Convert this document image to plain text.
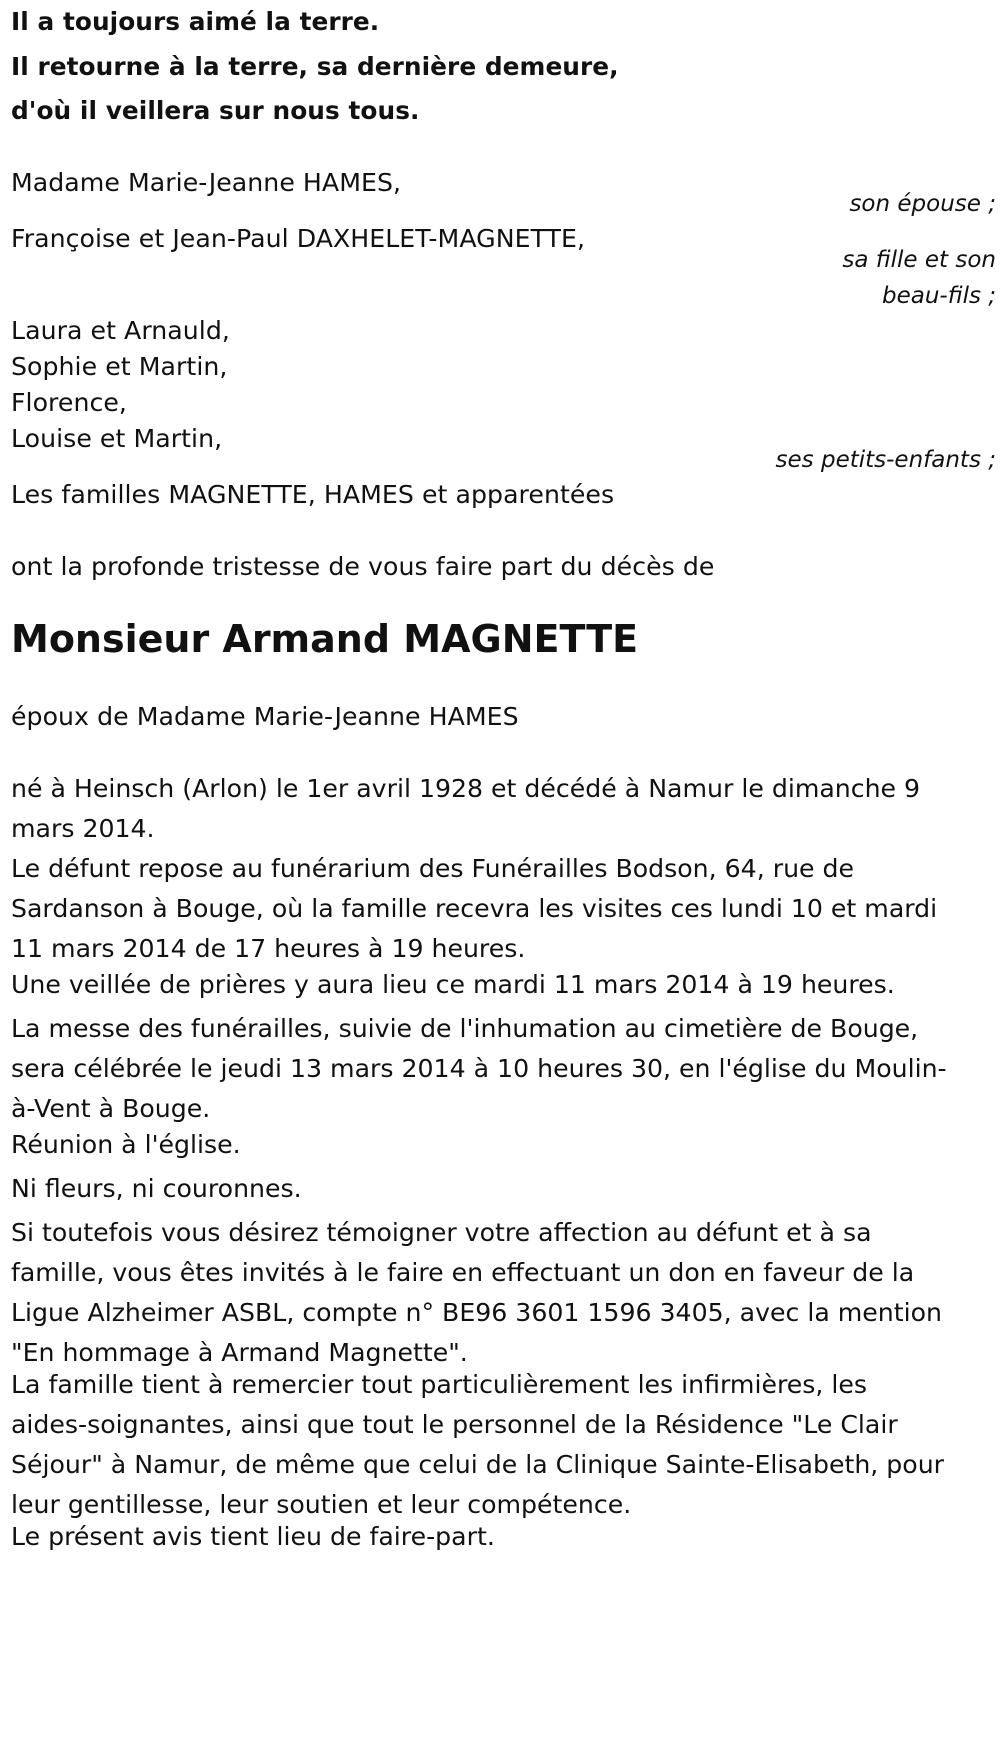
Il a toujours aimé la terre.
Il retourne à la terre, sa dernière demeure,
d'où il veillera sur nous tous.
Madame Marie-Jeanne HAMES,
son épouse ;
Françoise et Jean-Paul DAXHELET-MAGNETTE,
sa fille et son
beau-fils ;
Laura et Arnauld,
Sophie et Martin,
Florence,
Louise et Martin,
ses petits-enfants ;
Les familles MAGNETTE, HAMES et apparentées
ont la profonde tristesse de vous faire part du décès de
Monsieur Armand MAGNETTE
époux de Madame Marie-Jeanne HAMES
né à Heinsch (Arlon) le 1er avril 1928 et décédé à Namur le dimanche 9
mars 2014.
Le défunt repose au funérarium des Funérailles Bodson, 64, rue de
Sardanson à Bouge, où la famille recevra les visites ces lundi 10 et mardi
11 mars 2014 de 17 heures à 19 heures.
Une veillée de prières y aura lieu ce mardi 11 mars 2014 à 19 heures.
La messe des funérailles, suivie de l'inhumation au cimetière de Bouge,
sera célébrée le jeudi 13 mars 2014 à 10 heures 30, en l'église du Moulin-
à-Vent à Bouge.
Réunion à l'église.
Ni fleurs, ni couronnes.
Si toutefois vous désirez témoigner votre affection au défunt et à sa
famille, vous êtes invités à le faire en effectuant un don en faveur de la
Ligue Alzheimer ASBL, compte n° BE96 3601 1596 3405, avec la mention
"En hommage à Armand Magnette".
La famille tient à remercier tout particulièrement les infirmières, les
aides-soignantes, ainsi que tout le personnel de la Résidence "Le Clair
Séjour" à Namur, de même que celui de la Clinique Sainte-Elisabeth, pour
leur gentillesse, leur soutien et leur compétence.
Le présent avis tient lieu de faire-part.
